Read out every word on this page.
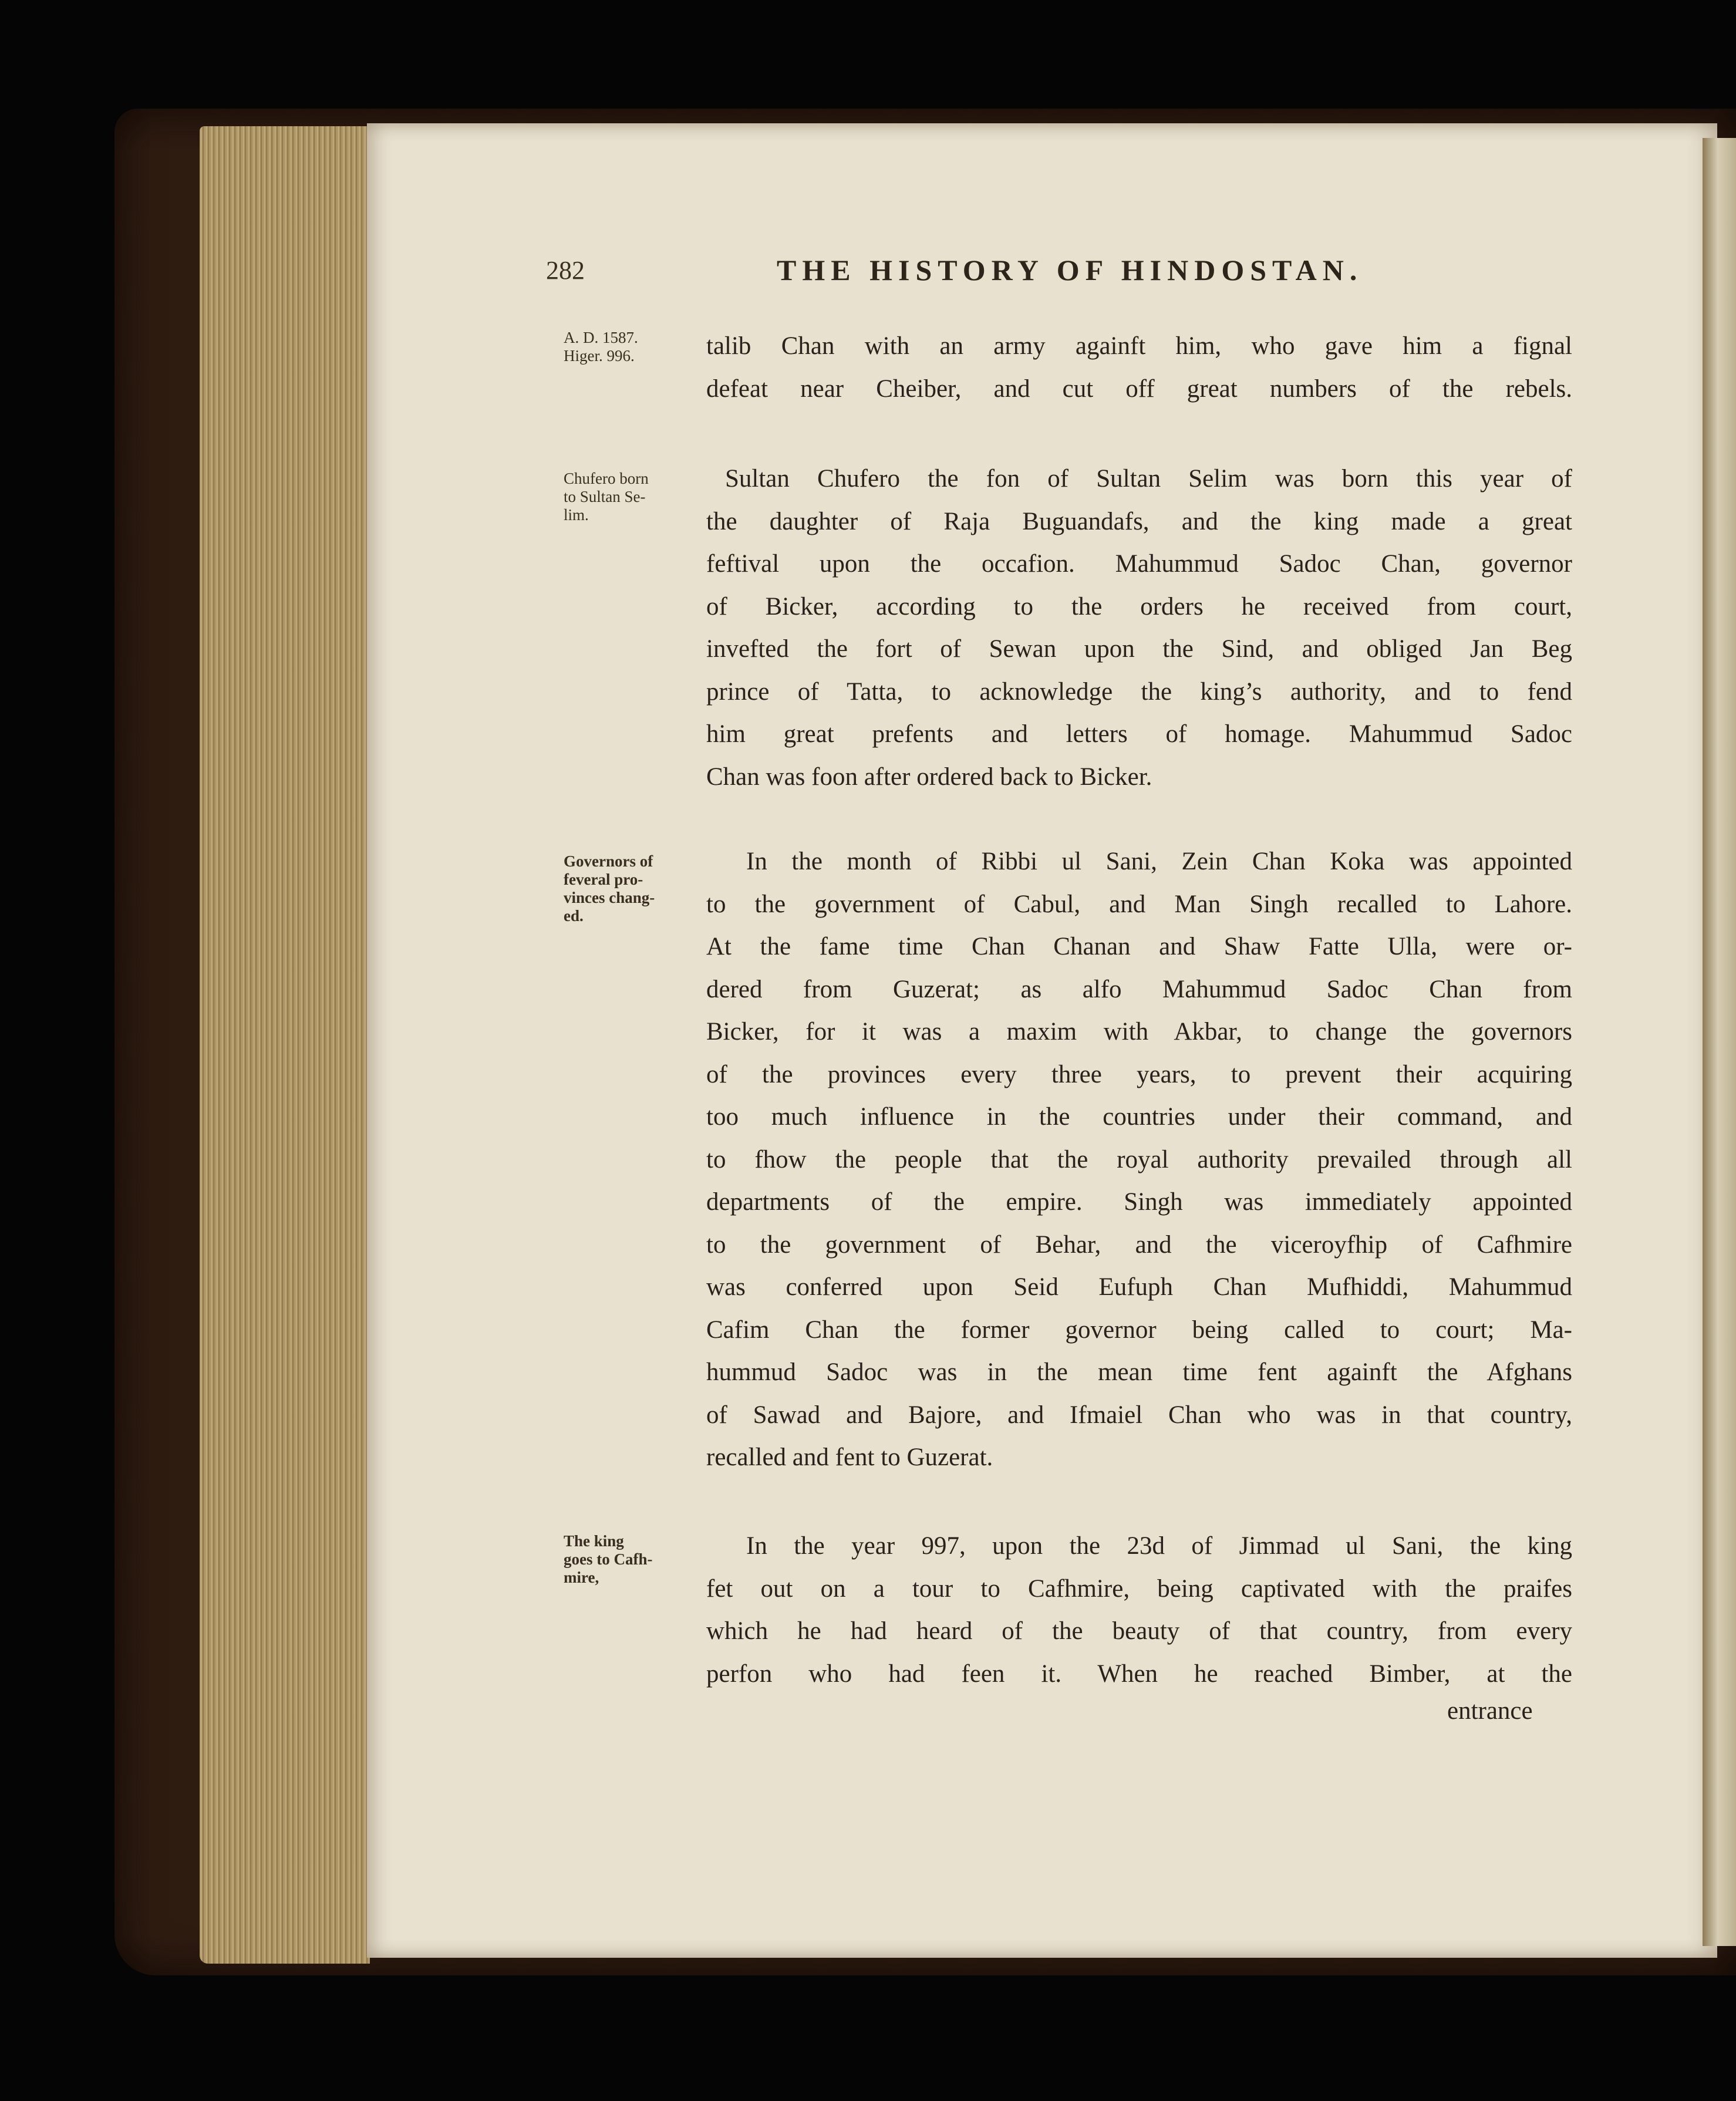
282	THE HISTORY OF HINDOSTAN.
A. D. 1587.
Higer. 996.
Chufero born
to Sultan Se-
lim.
Governors of
feveral pro-
vinces chang-
ed.
The king
goes to Cafh-
mire,
talib Chan with an army againft him, who gave him a fignal
defeat near Cheiber, and cut off great numbers of the rebels.
Sultan Chufero the fon of Sultan Selim was born this year of
the daughter of Raja Buguandafs, and the king made a great
feftival upon the occafion. Mahummud Sadoc Chan, governor
of Bicker, according to the orders he received from court,
invefted the fort of Sewan upon the Sind, and obliged Jan Beg
prince of Tatta, to acknowledge the king’s authority, and to fend
him great prefents and letters of homage. Mahummud Sadoc
Chan was foon after ordered back to Bicker.
In the month of Ribbi ul Sani, Zein Chan Koka was appointed
to the government of Cabul, and Man Singh recalled to Lahore.
At the fame time Chan Chanan and Shaw Fatte Ulla, were or-
dered from Guzerat; as alfo Mahummud Sadoc Chan from
Bicker, for it was a maxim with Akbar, to change the governors
of the provinces every three years, to prevent their acquiring
too much influence in the countries under their command, and
to fhow the people that the royal authority prevailed through all
departments of the empire. Singh was immediately appointed
to the government of Behar, and the viceroyfhip of Cafhmire
was conferred upon Seid Eufuph Chan Mufhiddi, Mahummud
Cafim Chan the former governor being called to court; Ma-
hummud Sadoc was in the mean time fent againft the Afghans
of Sawad and Bajore, and Ifmaiel Chan who was in that country,
recalled and fent to Guzerat.
In the year 997, upon the 23d of Jimmad ul Sani, the king
fet out on a tour to Cafhmire, being captivated with the praifes
which he had heard of the beauty of that country, from every
perfon who had feen it. When he reached Bimber, at the
entrance
